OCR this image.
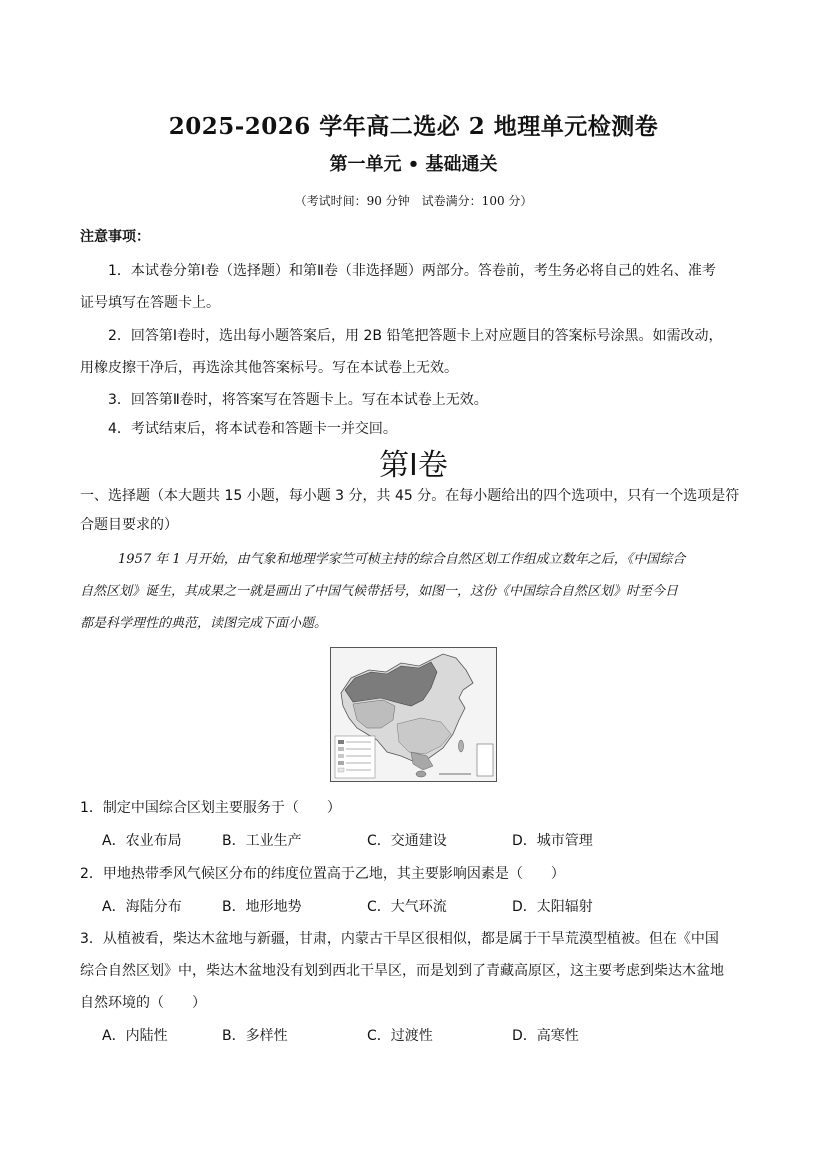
2025-2026 学年高二选必 2 地理单元检测卷
第一单元 • 基础通关
（考试时间：90 分钟　试卷满分：100 分）
注意事项：
1．本试卷分第Ⅰ卷（选择题）和第Ⅱ卷（非选择题）两部分。答卷前，考生务必将自己的姓名、准考
证号填写在答题卡上。
2．回答第Ⅰ卷时，选出每小题答案后，用 2B 铅笔把答题卡上对应题目的答案标号涂黑。如需改动，
用橡皮擦干净后，再选涂其他答案标号。写在本试卷上无效。
3．回答第Ⅱ卷时，将答案写在答题卡上。写在本试卷上无效。
4．考试结束后，将本试卷和答题卡一并交回。
第Ⅰ卷
一、选择题（本大题共 15 小题，每小题 3 分，共 45 分。在每小题给出的四个选项中，只有一个选项是符
合题目要求的）
1957 年 1 月开始，由气象和地理学家竺可桢主持的综合自然区划工作组成立数年之后，《中国综合
自然区划》诞生，其成果之一就是画出了中国气候带括号，如图一，这份《中国综合自然区划》时至今日
都是科学理性的典范，读图完成下面小题。
1．制定中国综合区划主要服务于（　　）
A．农业布局	B．工业生产	C．交通建设	D．城市管理
2．甲地热带季风气候区分布的纬度位置高于乙地，其主要影响因素是（　　）
A．海陆分布	B．地形地势	C．大气环流	D．太阳辐射
3．从植被看，柴达木盆地与新疆，甘肃，内蒙古干旱区很相似，都是属于干旱荒漠型植被。但在《中国
综合自然区划》中，柴达木盆地没有划到西北干旱区，而是划到了青藏高原区，这主要考虑到柴达木盆地
自然环境的（　　）
A．内陆性	B．多样性	C．过渡性	D．高寒性
